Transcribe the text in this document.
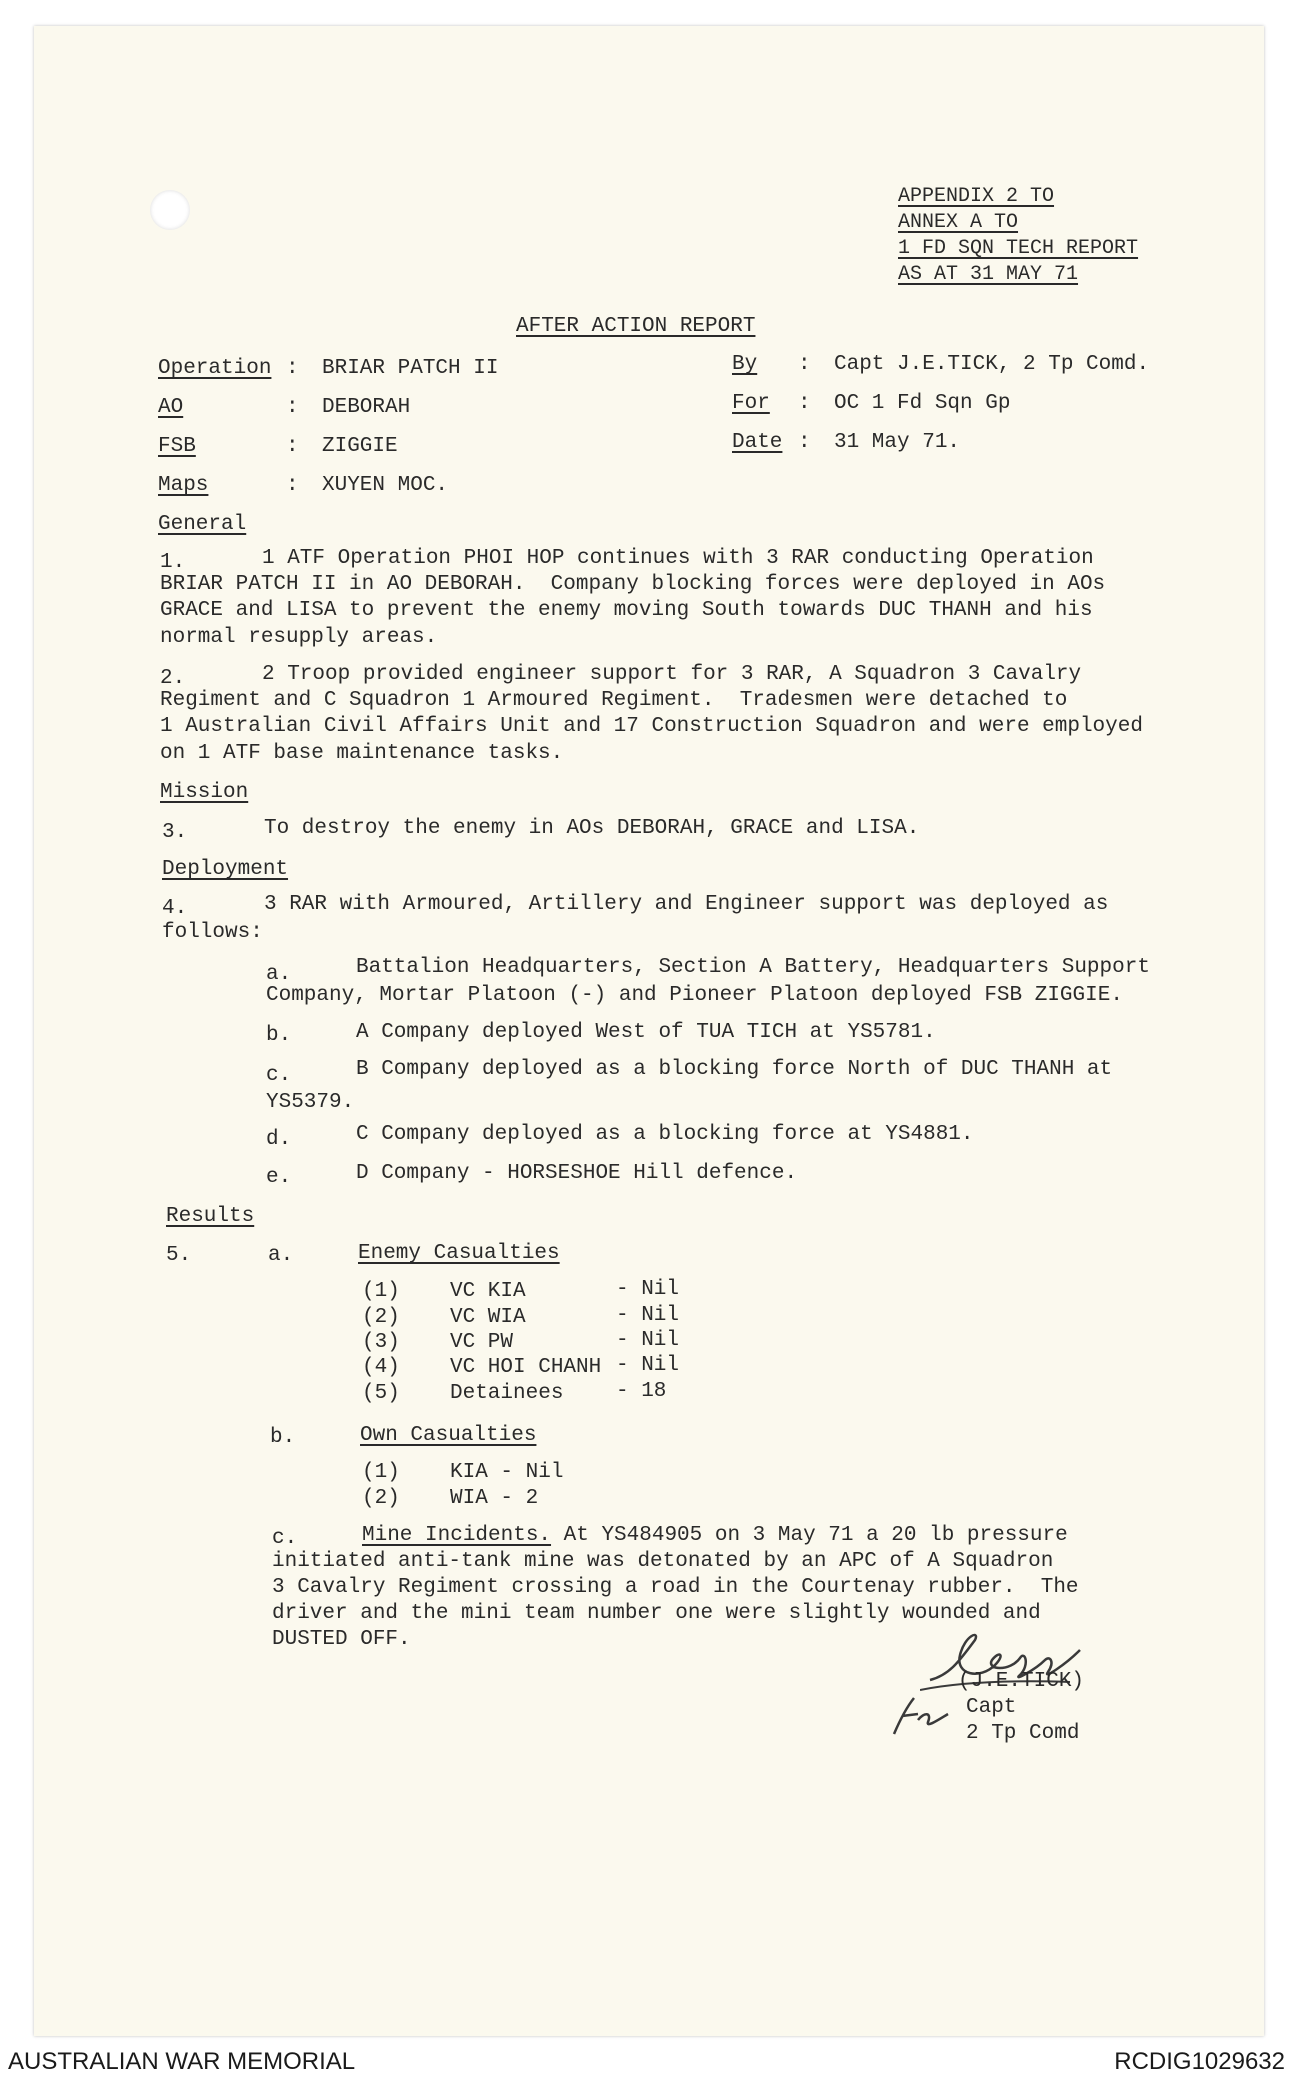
APPENDIX 2 TO
ANNEX A TO
1 FD SQN TECH REPORT
AS AT 31 MAY 71
AFTER ACTION REPORT
Operation : BRIAR PATCH II
AO	: DEBORAH
FSB	: ZIGGIE
Maps	: XUYEN MOC.
By : Capt J.E.TICK, 2 Tp Comd.
For : OC 1 Fd Sqn Gp
Date : 31 May 71.
General
1.	1 ATF Operation PHOI HOP continues with 3 RAR conducting Operation
BRIAR PATCH II in AO DEBORAH.  Company blocking forces were deployed in AOs
GRACE and LISA to prevent the enemy moving South towards DUC THANH and his
normal resupply areas.
2.	2 Troop provided engineer support for 3 RAR, A Squadron 3 Cavalry
Regiment and C Squadron 1 Armoured Regiment.  Tradesmen were detached to
1 Australian Civil Affairs Unit and 17 Construction Squadron and were employed
on 1 ATF base maintenance tasks.
Mission
3.	To destroy the enemy in AOs DEBORAH, GRACE and LISA.
Deployment
4.	3 RAR with Armoured, Artillery and Engineer support was deployed as
follows:
a.	Battalion Headquarters, Section A Battery, Headquarters Support
Company, Mortar Platoon (-) and Pioneer Platoon deployed FSB ZIGGIE.
b.	A Company deployed West of TUA TICH at YS5781.
c.	B Company deployed as a blocking force North of DUC THANH at
YS5379.
d.	C Company deployed as a blocking force at YS4881.
e.	D Company - HORSESHOE Hill defence.
Results
5.	a.	Enemy Casualties
(1) VC KIA	- Nil
(2) VC WIA	- Nil
(3) VC PW	- Nil
(4) VC HOI CHANH - Nil
(5) Detainees	- 18
b.	Own Casualties
(1) KIA - Nil
(2) WIA - 2
c.	Mine Incidents. At YS484905 on 3 May 71 a 20 lb pressure
initiated anti-tank mine was detonated by an APC of A Squadron
3 Cavalry Regiment crossing a road in the Courtenay rubber.  The
driver and the mini team number one were slightly wounded and
DUSTED OFF.
(J.E.TICK)
Capt
2 Tp Comd
AUSTRALIAN WAR MEMORIAL	RCDIG1029632
